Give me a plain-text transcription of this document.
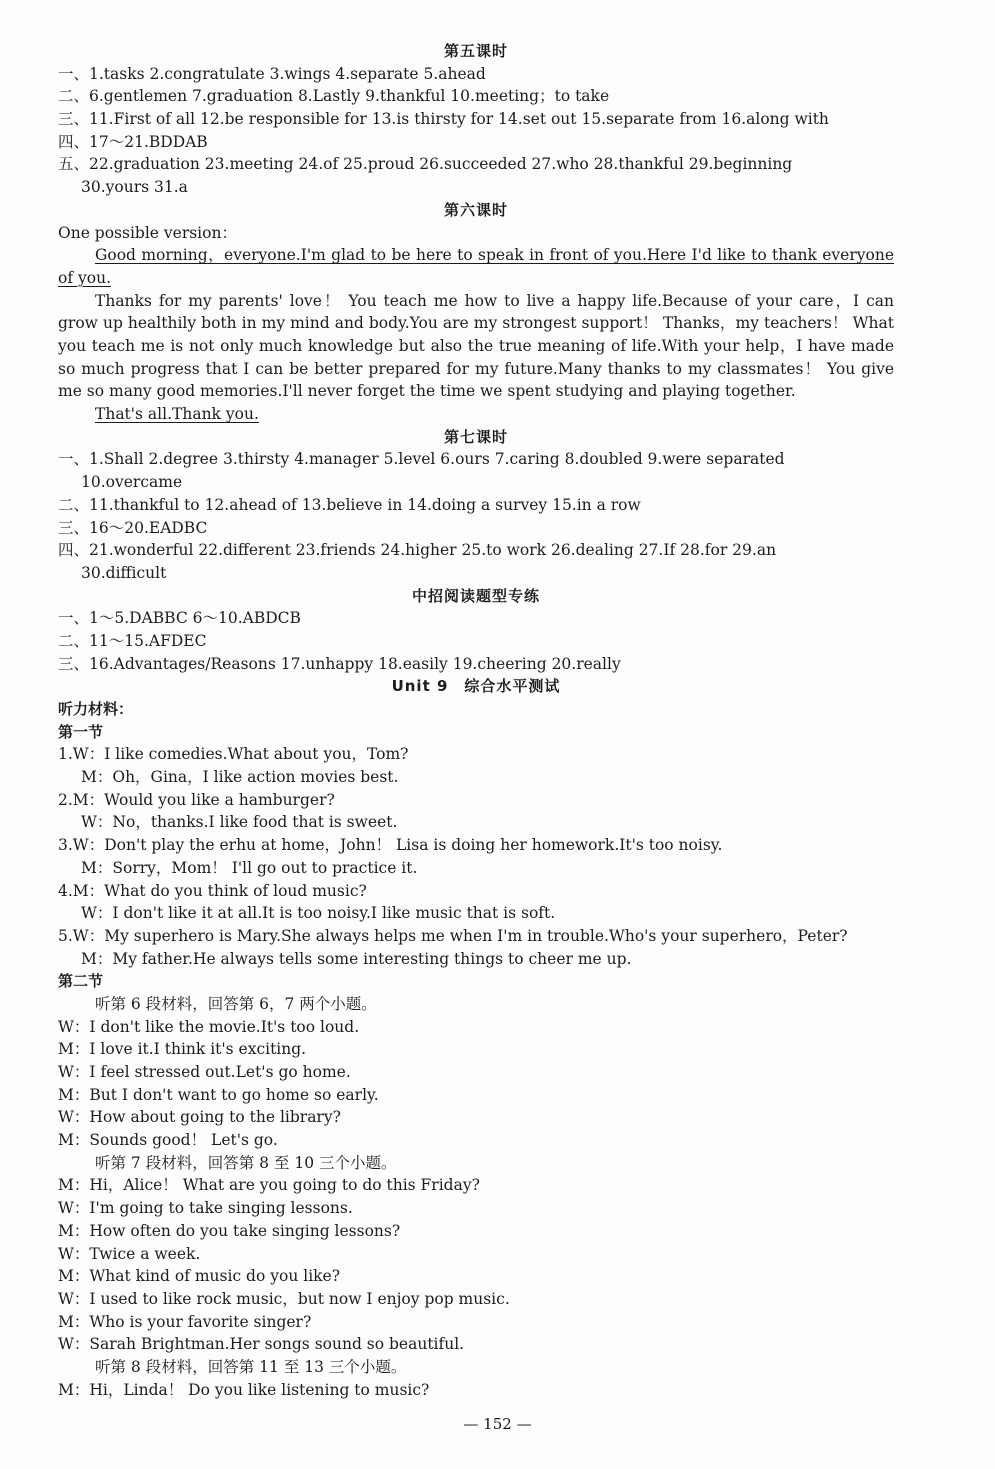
第五课时
一、1.tasks 2.congratulate 3.wings 4.separate 5.ahead
二、6.gentlemen 7.graduation 8.Lastly 9.thankful 10.meeting；to take
三、11.First of all 12.be responsible for 13.is thirsty for 14.set out 15.separate from 16.along with
四、17～21.BDDAB
五、22.graduation 23.meeting 24.of 25.proud 26.succeeded 27.who 28.thankful 29.beginning
30.yours 31.a
第六课时
One possible version：
Good morning，everyone.I'm glad to be here to speak in front of you.Here I'd like to thank everyone of you.
Thanks for my parents' love！ You teach me how to live a happy life.Because of your care，I can grow up healthily both in my mind and body.You are my strongest support！ Thanks，my teachers！ What you teach me is not only much knowledge but also the true meaning of life.With your help，I have made so much progress that I can be better prepared for my future.Many thanks to my classmates！ You give me so many good memories.I'll never forget the time we spent studying and playing together.
That's all.Thank you.
第七课时
一、1.Shall 2.degree 3.thirsty 4.manager 5.level 6.ours 7.caring 8.doubled 9.were separated
10.overcame
二、11.thankful to 12.ahead of 13.believe in 14.doing a survey 15.in a row
三、16～20.EADBC
四、21.wonderful 22.different 23.friends 24.higher 25.to work 26.dealing 27.If 28.for 29.an
30.difficult
中招阅读题型专练
一、1～5.DABBC 6～10.ABDCB
二、11～15.AFDEC
三、16.Advantages/Reasons 17.unhappy 18.easily 19.cheering 20.really
Unit 9　综合水平测试
听力材料：
第一节
1.W：I like comedies.What about you，Tom?
M：Oh，Gina，I like action movies best.
2.M：Would you like a hamburger?
W：No，thanks.I like food that is sweet.
3.W：Don't play the erhu at home，John！ Lisa is doing her homework.It's too noisy.
M：Sorry，Mom！ I'll go out to practice it.
4.M：What do you think of loud music?
W：I don't like it at all.It is too noisy.I like music that is soft.
5.W：My superhero is Mary.She always helps me when I'm in trouble.Who's your superhero，Peter?
M：My father.He always tells some interesting things to cheer me up.
第二节
听第 6 段材料，回答第 6，7 两个小题。
W：I don't like the movie.It's too loud.
M：I love it.I think it's exciting.
W：I feel stressed out.Let's go home.
M：But I don't want to go home so early.
W：How about going to the library?
M：Sounds good！ Let's go.
听第 7 段材料，回答第 8 至 10 三个小题。
M：Hi，Alice！ What are you going to do this Friday?
W：I'm going to take singing lessons.
M：How often do you take singing lessons?
W：Twice a week.
M：What kind of music do you like?
W：I used to like rock music，but now I enjoy pop music.
M：Who is your favorite singer?
W：Sarah Brightman.Her songs sound so beautiful.
听第 8 段材料，回答第 11 至 13 三个小题。
M：Hi，Linda！ Do you like listening to music?
— 152 —
